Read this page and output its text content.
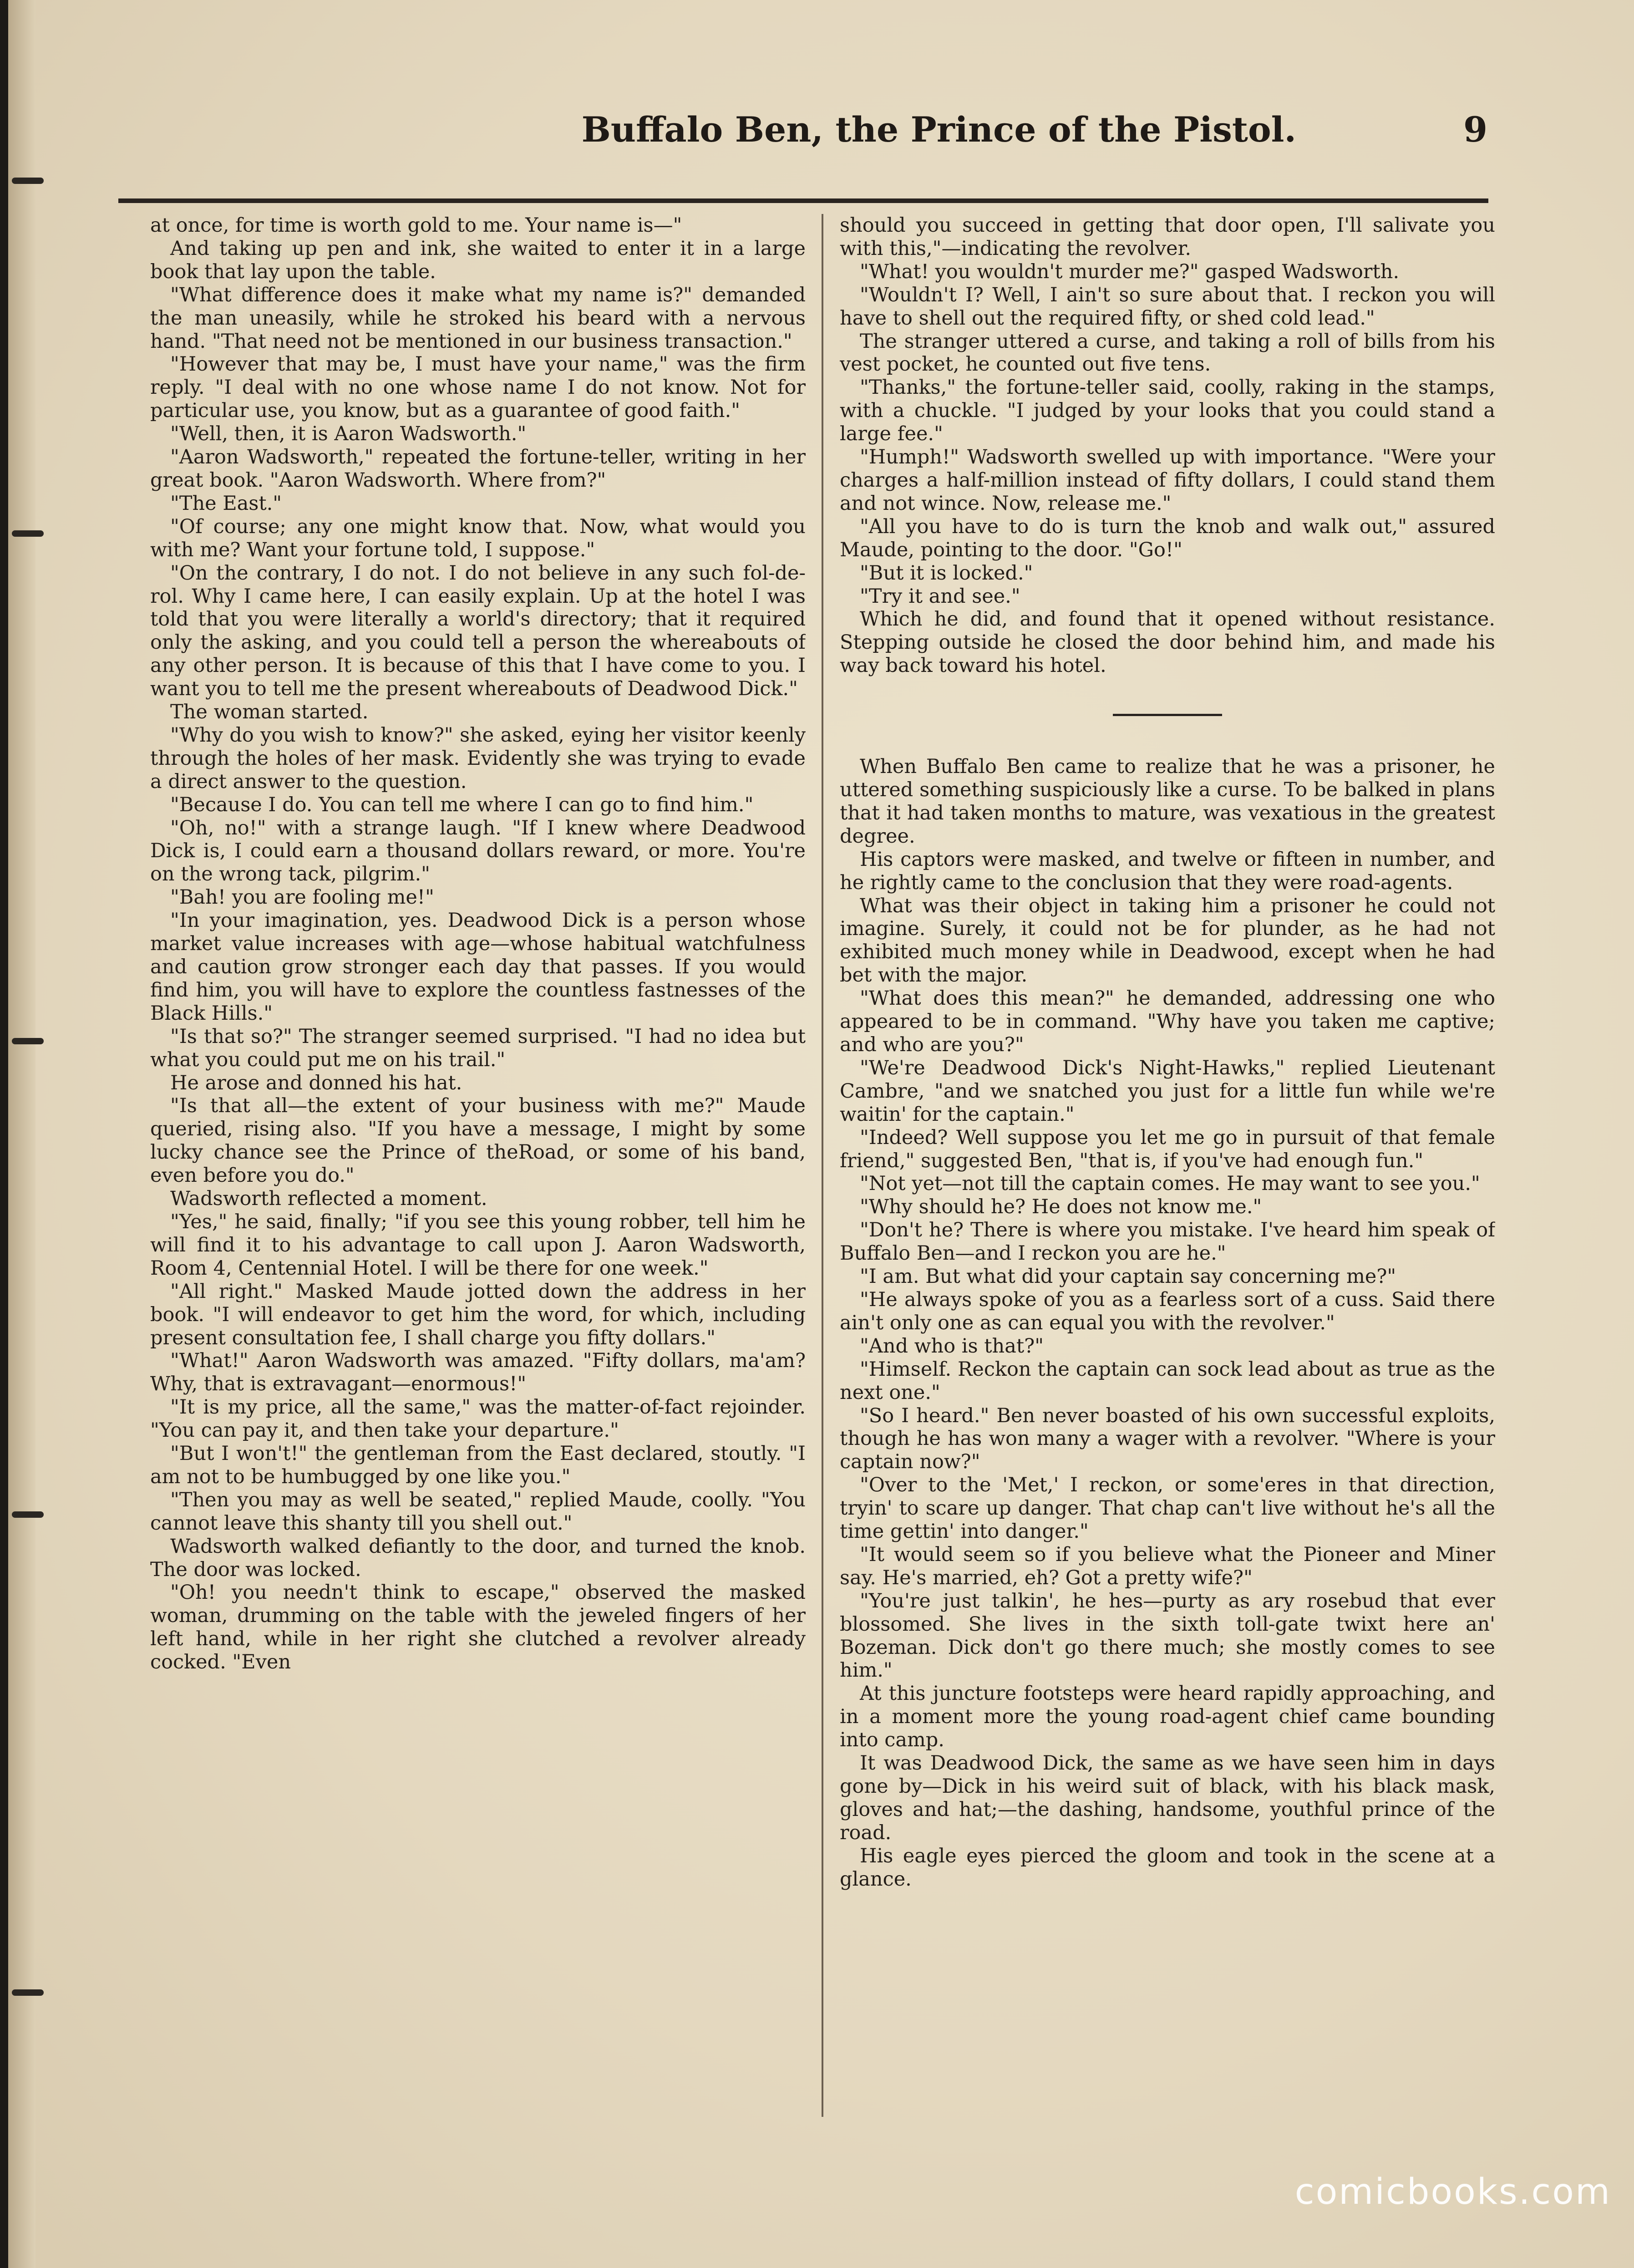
Buffalo Ben, the Prince of the Pistol.	9

at once, for time is worth gold to me. Your name is—"

And taking up pen and ink, she waited to enter it in a large book that lay upon the table.

"What difference does it make what my name is?" demanded the man uneasily, while he stroked his beard with a nervous hand. "That need not be mentioned in our business transaction."

"However that may be, I must have your name," was the firm reply. "I deal with no one whose name I do not know. Not for particular use, you know, but as a guarantee of good faith."

"Well, then, it is Aaron Wadsworth."

"Aaron Wadsworth," repeated the fortune-teller, writing in her great book. "Aaron Wadsworth. Where from?"

"The East."

"Of course; any one might know that. Now, what would you with me? Want your fortune told, I suppose."

"On the contrary, I do not. I do not believe in any such fol-de-rol. Why I came here, I can easily explain. Up at the hotel I was told that you were literally a world's directory; that it required only the asking, and you could tell a person the whereabouts of any other person. It is because of this that I have come to you. I want you to tell me the present whereabouts of Deadwood Dick."

The woman started.

"Why do you wish to know?" she asked, eying her visitor keenly through the holes of her mask. Evidently she was trying to evade a direct answer to the question.

"Because I do. You can tell me where I can go to find him."

"Oh, no!" with a strange laugh. "If I knew where Deadwood Dick is, I could earn a thousand dollars reward, or more. You're on the wrong tack, pilgrim."

"Bah! you are fooling me!"

"In your imagination, yes. Deadwood Dick is a person whose market value increases with age—whose habitual watchfulness and caution grow stronger each day that passes. If you would find him, you will have to explore the countless fastnesses of the Black Hills."

"Is that so?" The stranger seemed surprised. "I had no idea but what you could put me on his trail."

He arose and donned his hat.

"Is that all—the extent of your business with me?" Maude queried, rising also. "If you have a message, I might by some lucky chance see the Prince of theRoad, or some of his band, even before you do."

Wadsworth reflected a moment.

"Yes," he said, finally; "if you see this young robber, tell him he will find it to his advantage to call upon J. Aaron Wadsworth, Room 4, Centennial Hotel. I will be there for one week."

"All right." Masked Maude jotted down the address in her book. "I will endeavor to get him the word, for which, including present consultation fee, I shall charge you fifty dollars."

"What!" Aaron Wadsworth was amazed. "Fifty dollars, ma'am? Why, that is extravagant—enormous!"

"It is my price, all the same," was the matter-of-fact rejoinder. "You can pay it, and then take your departure."

"But I won't!" the gentleman from the East declared, stoutly. "I am not to be humbugged by one like you."

"Then you may as well be seated," replied Maude, coolly. "You cannot leave this shanty till you shell out."

Wadsworth walked defiantly to the door, and turned the knob. The door was locked.

"Oh! you needn't think to escape," observed the masked woman, drumming on the table with the jeweled fingers of her left hand, while in her right she clutched a revolver already cocked. "Even

should you succeed in getting that door open, I'll salivate you with this,"—indicating the revolver.

"What! you wouldn't murder me?" gasped Wadsworth.

"Wouldn't I? Well, I ain't so sure about that. I reckon you will have to shell out the required fifty, or shed cold lead."

The stranger uttered a curse, and taking a roll of bills from his vest pocket, he counted out five tens.

"Thanks," the fortune-teller said, coolly, raking in the stamps, with a chuckle. "I judged by your looks that you could stand a large fee."

"Humph!" Wadsworth swelled up with importance. "Were your charges a half-million instead of fifty dollars, I could stand them and not wince. Now, release me."

"All you have to do is turn the knob and walk out," assured Maude, pointing to the door. "Go!"

"But it is locked."

"Try it and see."

Which he did, and found that it opened without resistance. Stepping outside he closed the door behind him, and made his way back toward his hotel.

When Buffalo Ben came to realize that he was a prisoner, he uttered something suspiciously like a curse. To be balked in plans that it had taken months to mature, was vexatious in the greatest degree.

His captors were masked, and twelve or fifteen in number, and he rightly came to the conclusion that they were road-agents.

What was their object in taking him a prisoner he could not imagine. Surely, it could not be for plunder, as he had not exhibited much money while in Deadwood, except when he had bet with the major.

"What does this mean?" he demanded, addressing one who appeared to be in command. "Why have you taken me captive; and who are you?"

"We're Deadwood Dick's Night-Hawks," replied Lieutenant Cambre, "and we snatched you just for a little fun while we're waitin' for the captain."

"Indeed? Well suppose you let me go in pursuit of that female friend," suggested Ben, "that is, if you've had enough fun."

"Not yet—not till the captain comes. He may want to see you."

"Why should he? He does not know me."

"Don't he? There is where you mistake. I've heard him speak of Buffalo Ben—and I reckon you are he."

"I am. But what did your captain say concerning me?"

"He always spoke of you as a fearless sort of a cuss. Said there ain't only one as can equal you with the revolver."

"And who is that?"

"Himself. Reckon the captain can sock lead about as true as the next one."

"So I heard." Ben never boasted of his own successful exploits, though he has won many a wager with a revolver. "Where is your captain now?"

"Over to the 'Met,' I reckon, or some'eres in that direction, tryin' to scare up danger. That chap can't live without he's all the time gettin' into danger."

"It would seem so if you believe what the Pioneer and Miner say. He's married, eh? Got a pretty wife?"

"You're just talkin', he hes—purty as ary rosebud that ever blossomed. She lives in the sixth toll-gate twixt here an' Bozeman. Dick don't go there much; she mostly comes to see him."

At this juncture footsteps were heard rapidly approaching, and in a moment more the young road-agent chief came bounding into camp.

It was Deadwood Dick, the same as we have seen him in days gone by—Dick in his weird suit of black, with his black mask, gloves and hat;—the dashing, handsome, youthful prince of the road.

His eagle eyes pierced the gloom and took in the scene at a glance.

comicbooks.com
